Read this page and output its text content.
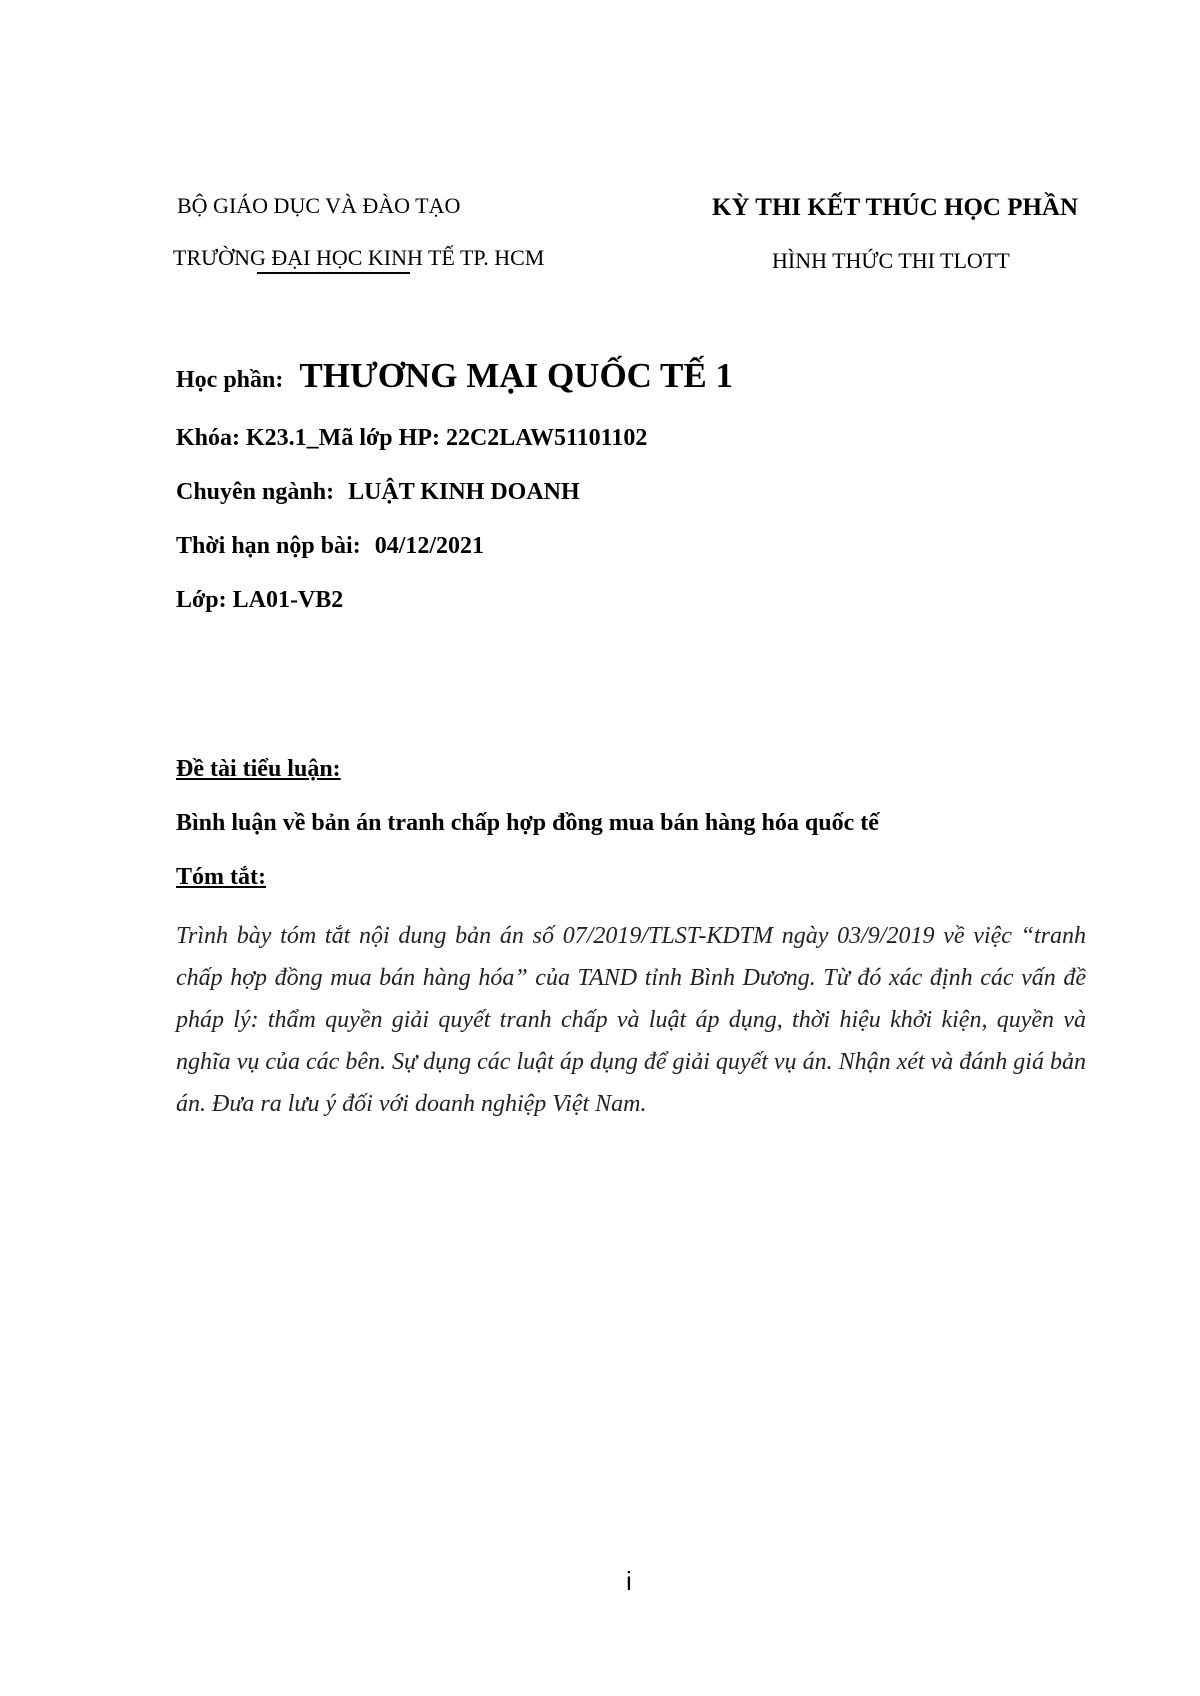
BỘ GIÁO DỤC VÀ ĐÀO TẠO
TRƯỜNG ĐẠI HỌC KINH TẾ TP. HCM
KỲ THI KẾT THÚC HỌC PHẦN
HÌNH THỨC THI TLOTT
Học phần: THƯƠNG MẠI QUỐC TẾ 1
Khóa: K23.1_Mã lớp HP: 22C2LAW51101102
Chuyên ngành: LUẬT KINH DOANH
Thời hạn nộp bài: 04/12/2021
Lớp: LA01-VB2
Đề tài tiểu luận:
Bình luận về bản án tranh chấp hợp đồng mua bán hàng hóa quốc tế
Tóm tắt:
Trình bày tóm tắt nội dung bản án số 07/2019/TLST-KDTM ngày 03/9/2019 về việc “tranh chấp hợp đồng mua bán hàng hóa” của TAND tỉnh Bình Dương. Từ đó xác định các vấn đề pháp lý: thẩm quyền giải quyết tranh chấp và luật áp dụng, thời hiệu khởi kiện, quyền và nghĩa vụ của các bên. Sự dụng các luật áp dụng để giải quyết vụ án. Nhận xét và đánh giá bản án. Đưa ra lưu ý đối với doanh nghiệp Việt Nam.
i
